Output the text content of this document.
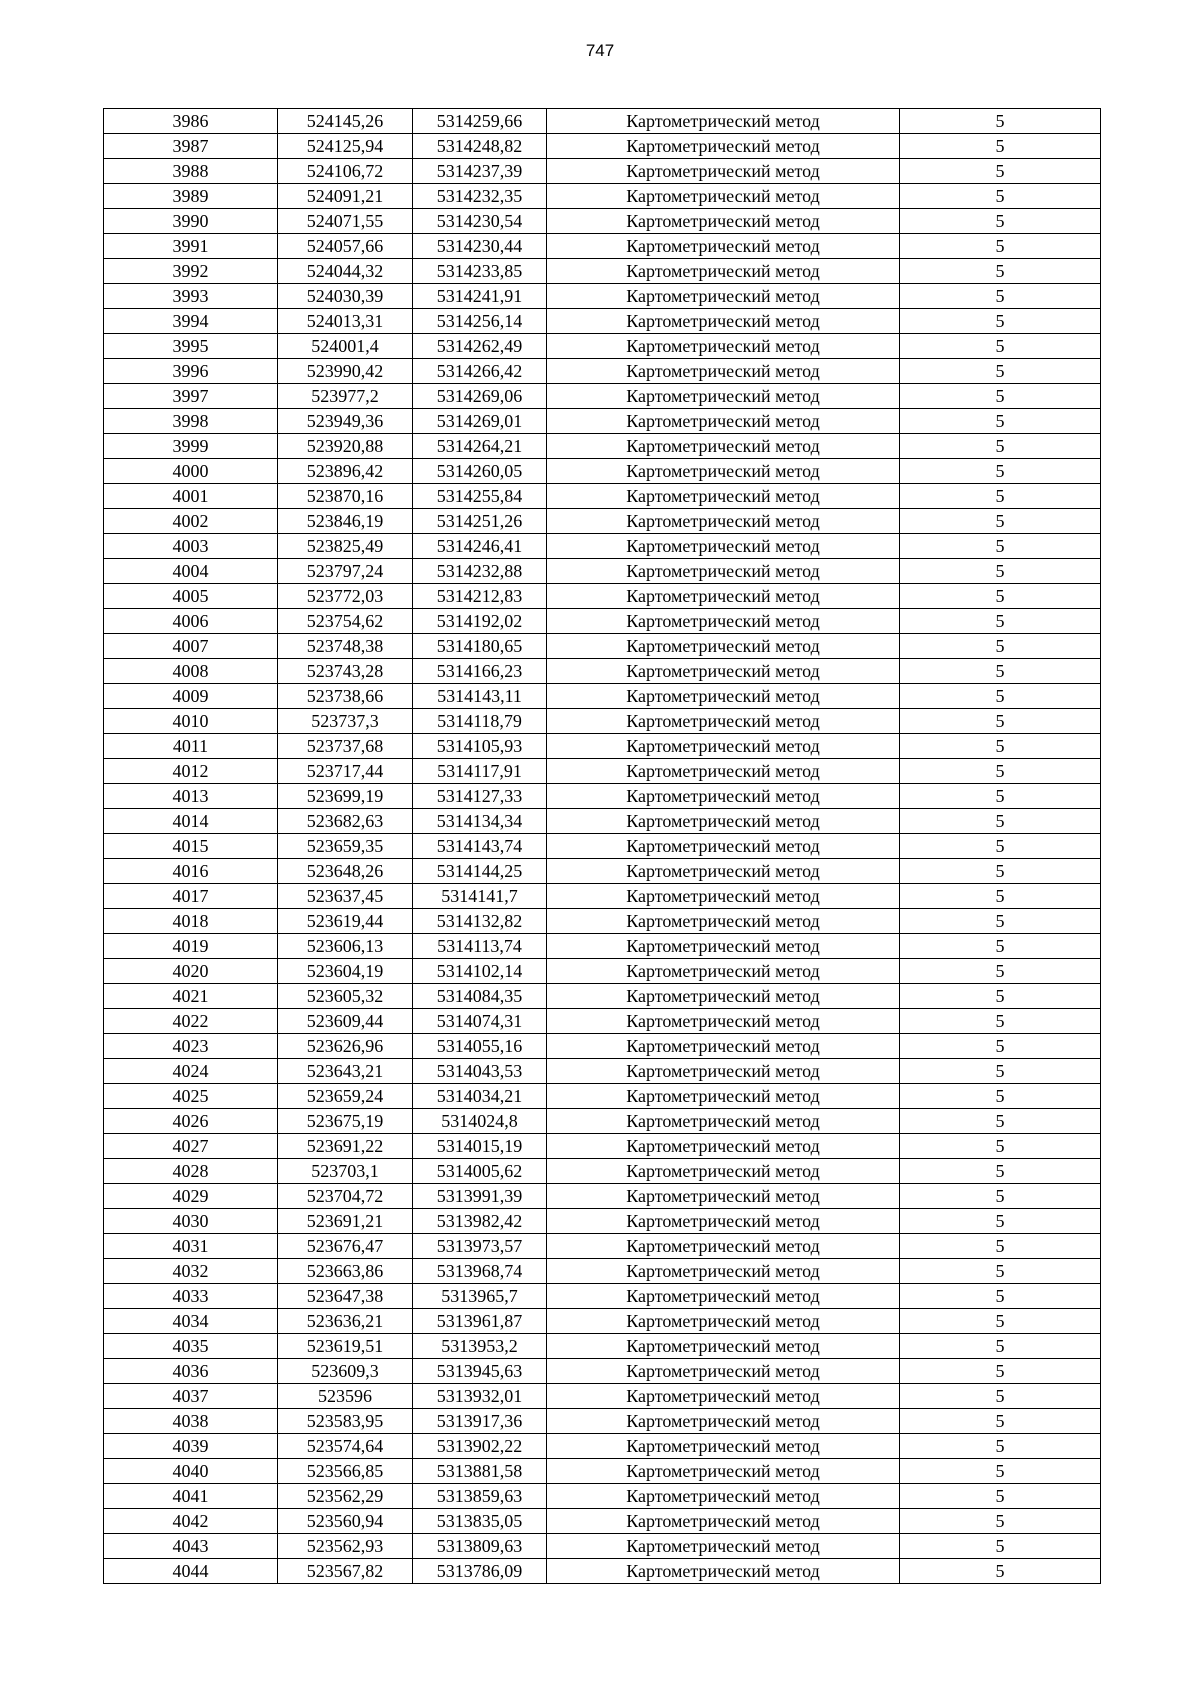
747
3986	524145,26	5314259,66	Картометрический метод	5
3987	524125,94	5314248,82	Картометрический метод	5
3988	524106,72	5314237,39	Картометрический метод	5
3989	524091,21	5314232,35	Картометрический метод	5
3990	524071,55	5314230,54	Картометрический метод	5
3991	524057,66	5314230,44	Картометрический метод	5
3992	524044,32	5314233,85	Картометрический метод	5
3993	524030,39	5314241,91	Картометрический метод	5
3994	524013,31	5314256,14	Картометрический метод	5
3995	524001,4	5314262,49	Картометрический метод	5
3996	523990,42	5314266,42	Картометрический метод	5
3997	523977,2	5314269,06	Картометрический метод	5
3998	523949,36	5314269,01	Картометрический метод	5
3999	523920,88	5314264,21	Картометрический метод	5
4000	523896,42	5314260,05	Картометрический метод	5
4001	523870,16	5314255,84	Картометрический метод	5
4002	523846,19	5314251,26	Картометрический метод	5
4003	523825,49	5314246,41	Картометрический метод	5
4004	523797,24	5314232,88	Картометрический метод	5
4005	523772,03	5314212,83	Картометрический метод	5
4006	523754,62	5314192,02	Картометрический метод	5
4007	523748,38	5314180,65	Картометрический метод	5
4008	523743,28	5314166,23	Картометрический метод	5
4009	523738,66	5314143,11	Картометрический метод	5
4010	523737,3	5314118,79	Картометрический метод	5
4011	523737,68	5314105,93	Картометрический метод	5
4012	523717,44	5314117,91	Картометрический метод	5
4013	523699,19	5314127,33	Картометрический метод	5
4014	523682,63	5314134,34	Картометрический метод	5
4015	523659,35	5314143,74	Картометрический метод	5
4016	523648,26	5314144,25	Картометрический метод	5
4017	523637,45	5314141,7	Картометрический метод	5
4018	523619,44	5314132,82	Картометрический метод	5
4019	523606,13	5314113,74	Картометрический метод	5
4020	523604,19	5314102,14	Картометрический метод	5
4021	523605,32	5314084,35	Картометрический метод	5
4022	523609,44	5314074,31	Картометрический метод	5
4023	523626,96	5314055,16	Картометрический метод	5
4024	523643,21	5314043,53	Картометрический метод	5
4025	523659,24	5314034,21	Картометрический метод	5
4026	523675,19	5314024,8	Картометрический метод	5
4027	523691,22	5314015,19	Картометрический метод	5
4028	523703,1	5314005,62	Картометрический метод	5
4029	523704,72	5313991,39	Картометрический метод	5
4030	523691,21	5313982,42	Картометрический метод	5
4031	523676,47	5313973,57	Картометрический метод	5
4032	523663,86	5313968,74	Картометрический метод	5
4033	523647,38	5313965,7	Картометрический метод	5
4034	523636,21	5313961,87	Картометрический метод	5
4035	523619,51	5313953,2	Картометрический метод	5
4036	523609,3	5313945,63	Картометрический метод	5
4037	523596	5313932,01	Картометрический метод	5
4038	523583,95	5313917,36	Картометрический метод	5
4039	523574,64	5313902,22	Картометрический метод	5
4040	523566,85	5313881,58	Картометрический метод	5
4041	523562,29	5313859,63	Картометрический метод	5
4042	523560,94	5313835,05	Картометрический метод	5
4043	523562,93	5313809,63	Картометрический метод	5
4044	523567,82	5313786,09	Картометрический метод	5
